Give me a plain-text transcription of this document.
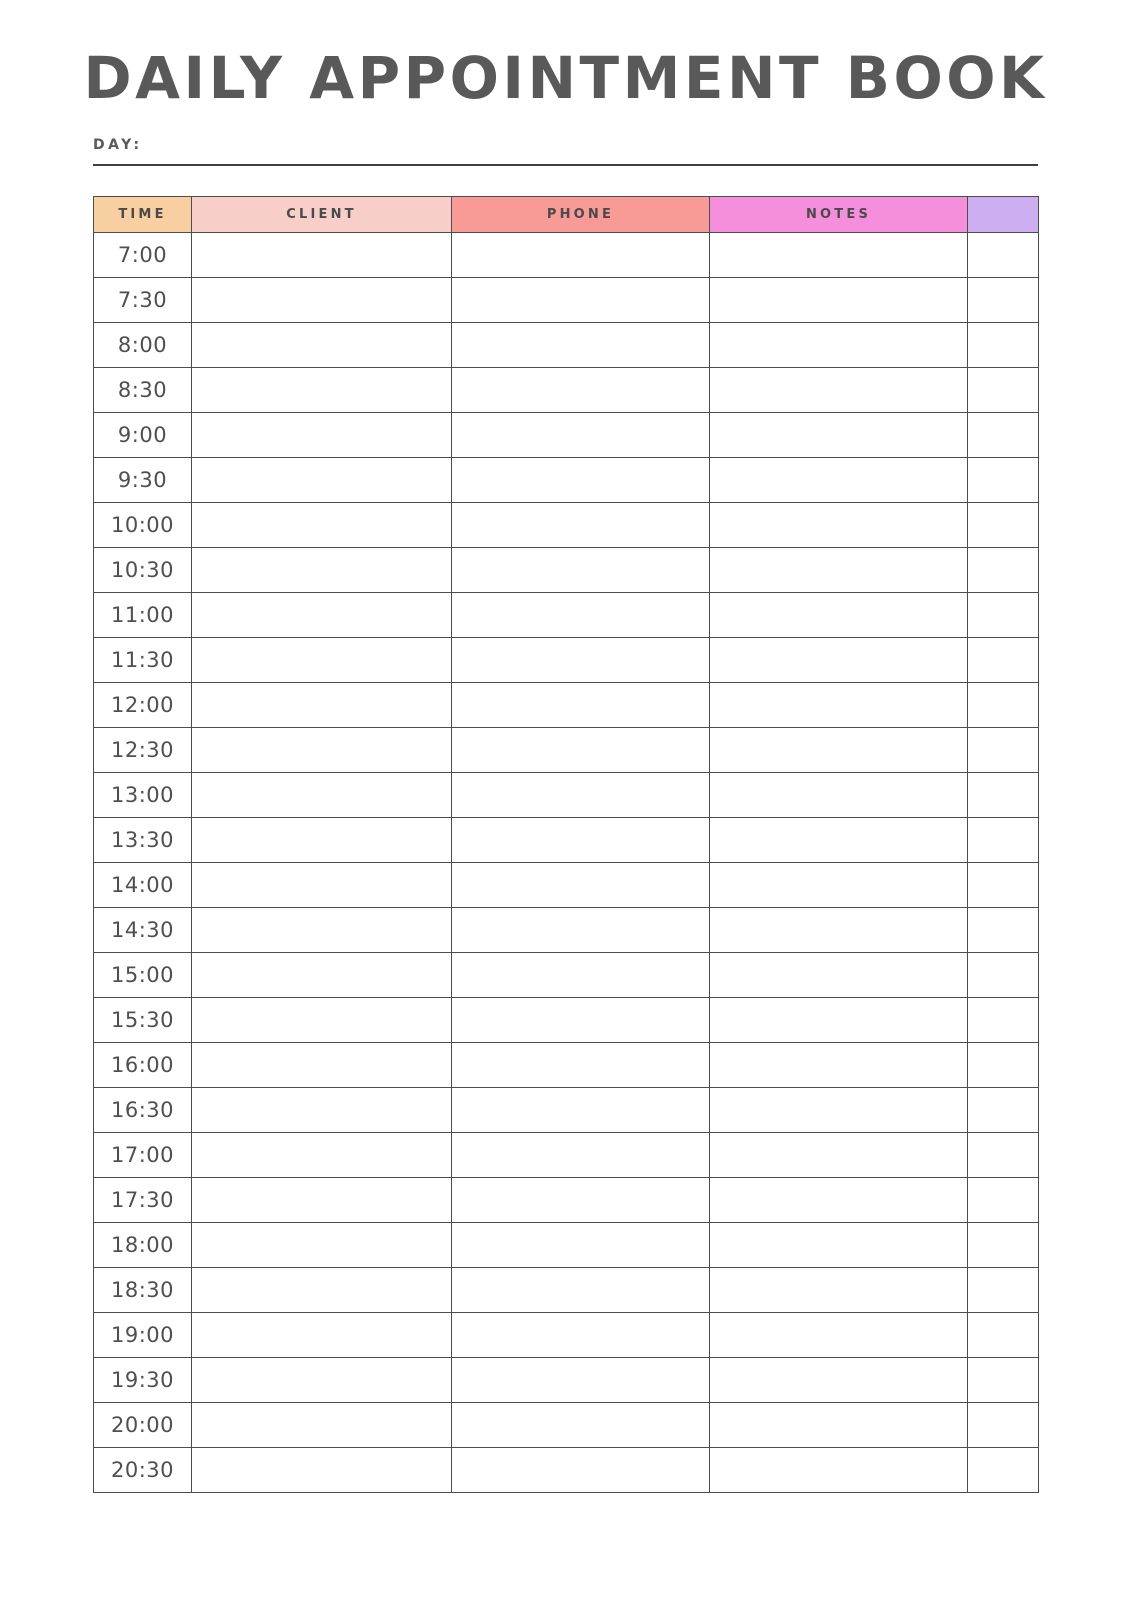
DAILY APPOINTMENT BOOK
DAY:
TIME	CLIENT	PHONE	NOTES	
7:00				
7:30				
8:00				
8:30				
9:00				
9:30				
10:00				
10:30				
11:00				
11:30				
12:00				
12:30				
13:00				
13:30				
14:00				
14:30				
15:00				
15:30				
16:00				
16:30				
17:00				
17:30				
18:00				
18:30				
19:00				
19:30				
20:00				
20:30				
